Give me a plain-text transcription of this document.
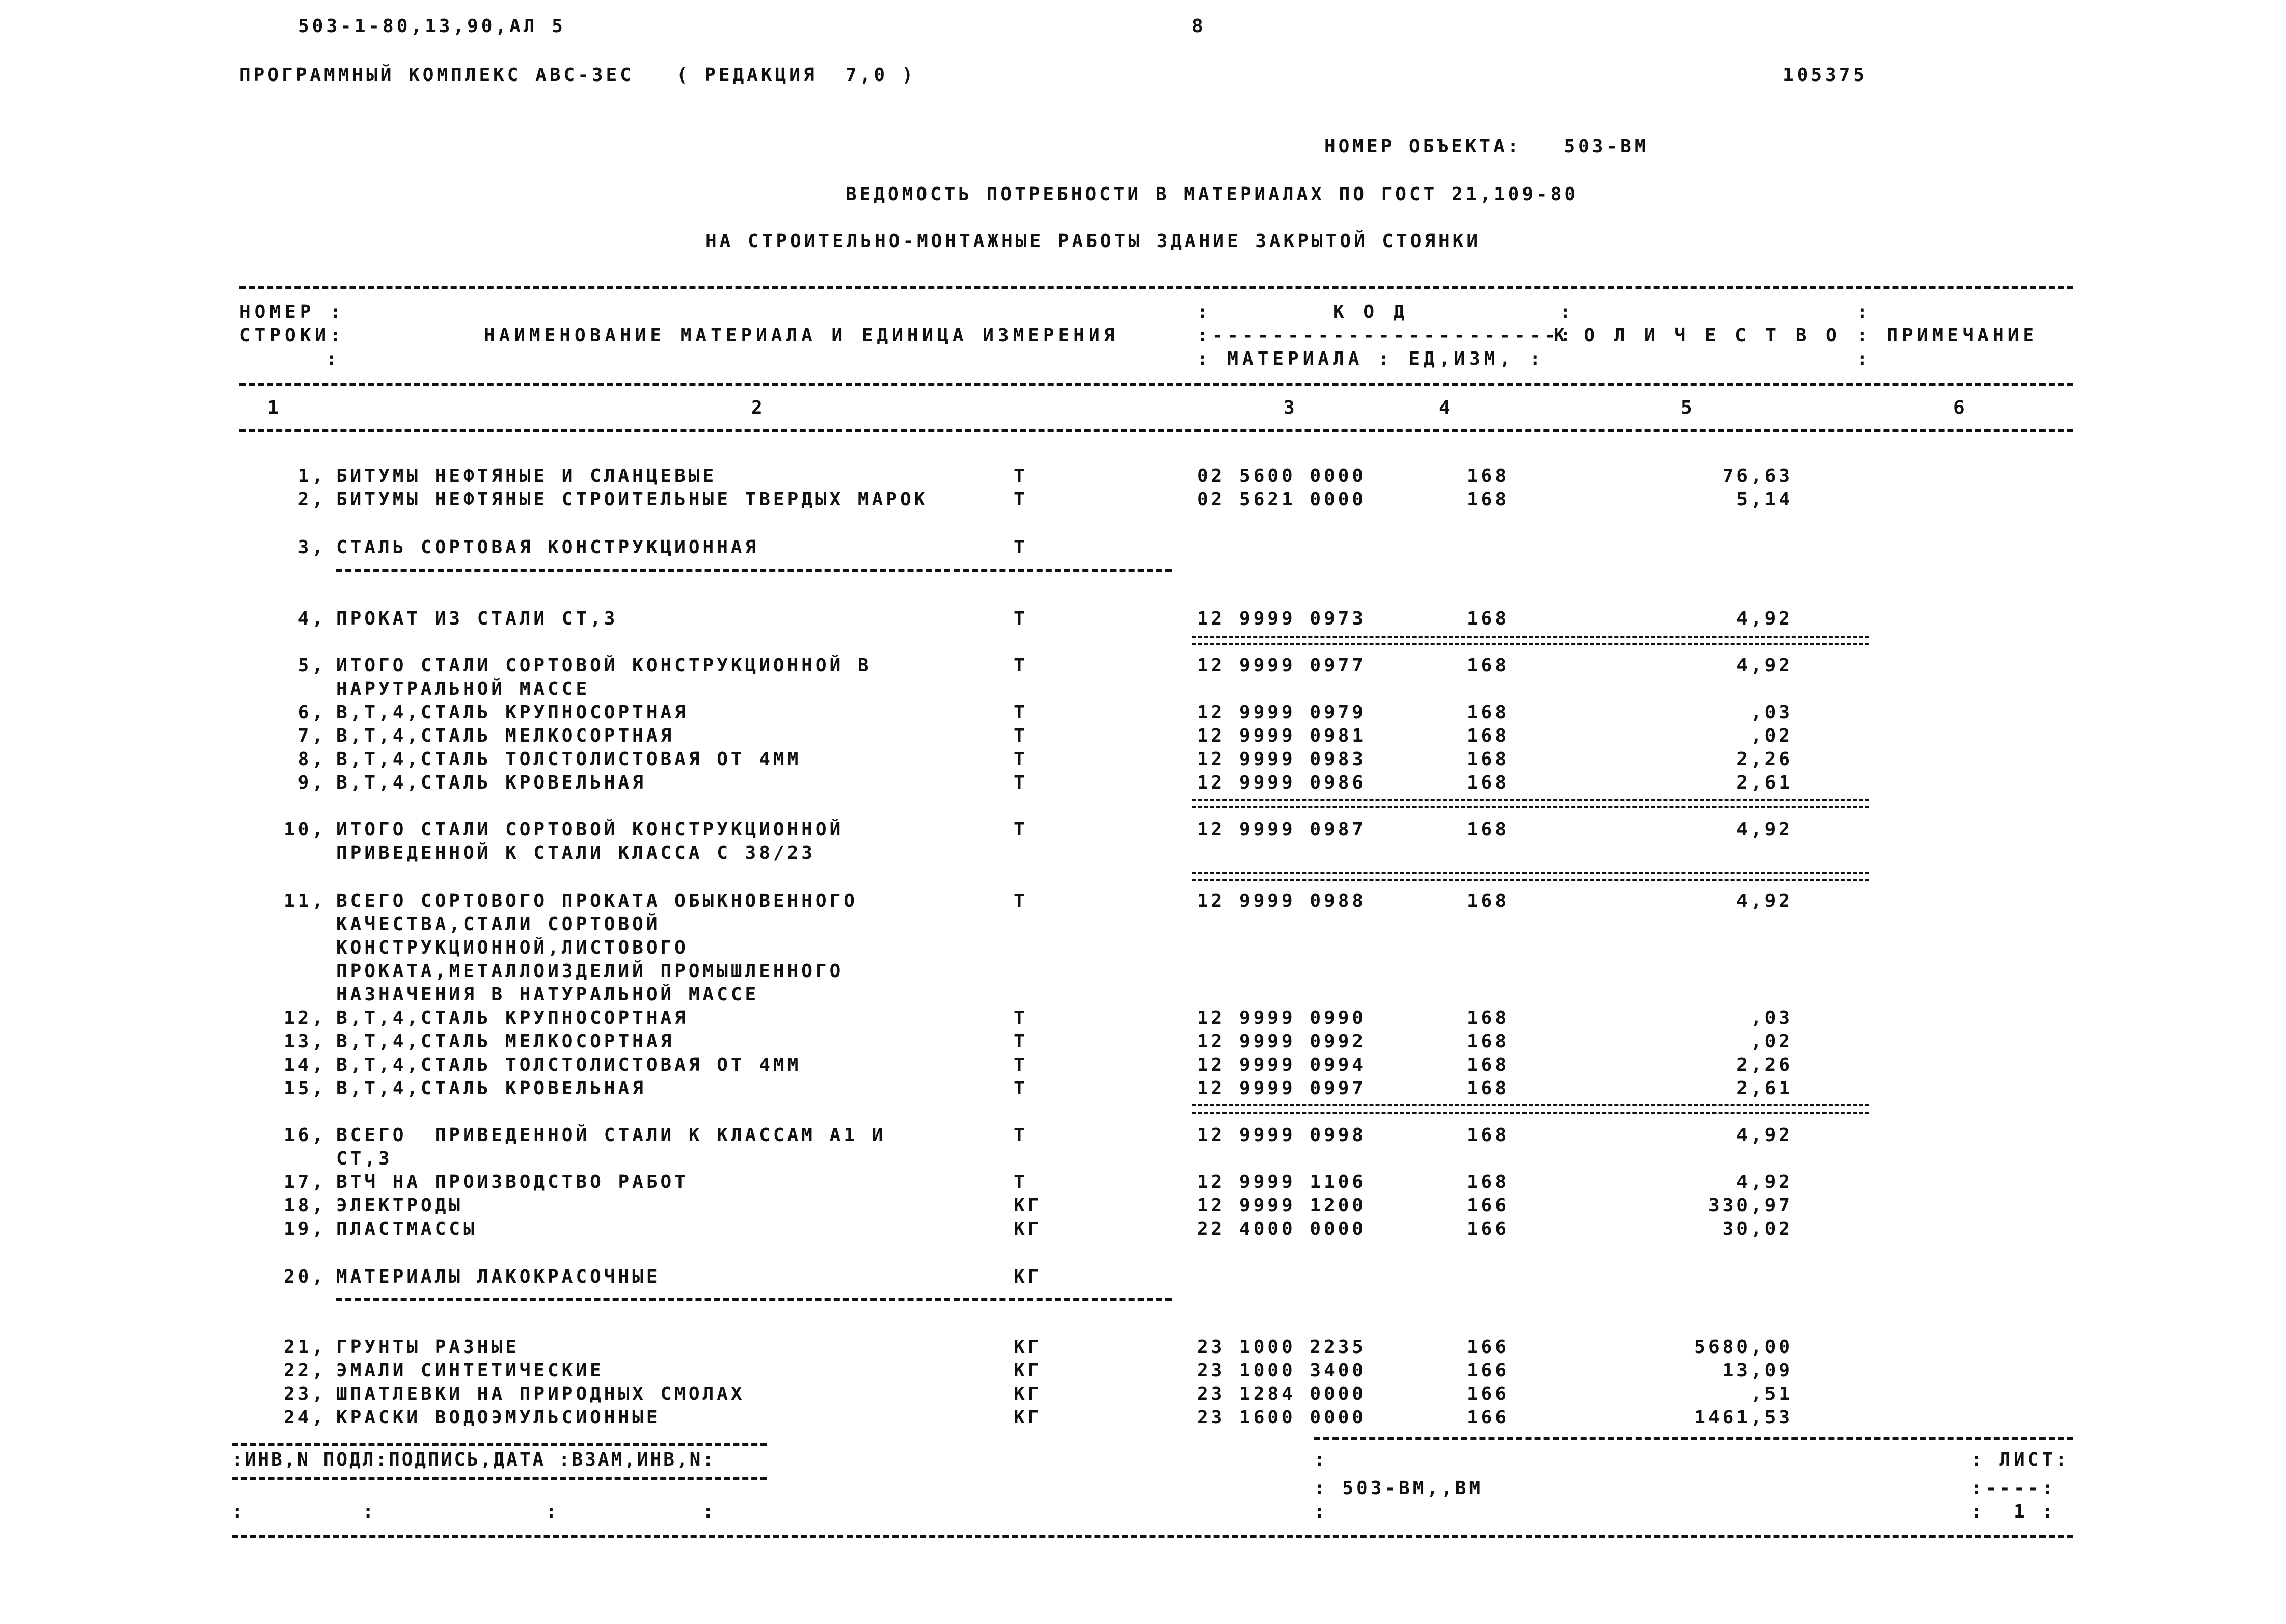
503-1-80,13,90,АЛ 5	8
ПРОГРАММНЫЙ КОМПЛЕКС АВС-ЗЕС   ( РЕДАКЦИЯ  7,0 )	105375
НОМЕР ОБЪЕКТА:   503-ВМ
ВЕДОМОСТЬ ПОТРЕБНОСТИ В МАТЕРИАЛАХ ПО ГОСТ 21,109-80
НА СТРОИТЕЛЬНО-МОНТАЖНЫЕ РАБОТЫ ЗДАНИЕ ЗАКРЫТОЙ СТОЯНКИ
НОМЕР :
СТРОКИ:
:
НАИМЕНОВАНИЕ МАТЕРИАЛА И ЕДИНИЦА ИЗМЕРЕНИЯ
:        К О Д          :
:-----------------------:
: МАТЕРИАЛА : ЕД,ИЗМ, :
К О Л И Ч Е С Т В О
:
: ПРИМЕЧАНИЕ
:
1	2	3	4	5	6
1, БИТУМЫ НЕФТЯНЫЕ И СЛАНЦЕВЫЕ	Т	02 5600 0000	168	76,63
2, БИТУМЫ НЕФТЯНЫЕ СТРОИТЕЛЬНЫЕ ТВЕРДЫХ МАРОК	Т	02 5621 0000	168	5,14
3, СТАЛЬ СОРТОВАЯ КОНСТРУКЦИОННАЯ	Т
4, ПРОКАТ ИЗ СТАЛИ СТ,3	Т	12 9999 0973	168	4,92
5, ИТОГО СТАЛИ СОРТОВОЙ КОНСТРУКЦИОННОЙ В	Т	12 9999 0977	168	4,92
НАРУТРАЛЬНОЙ МАССЕ
6, В,Т,4,СТАЛЬ КРУПНОСОРТНАЯ	Т	12 9999 0979	168	,03
7, В,Т,4,СТАЛЬ МЕЛКОСОРТНАЯ	Т	12 9999 0981	168	,02
8, В,Т,4,СТАЛЬ ТОЛСТОЛИСТОВАЯ ОТ 4ММ	Т	12 9999 0983	168	2,26
9, В,Т,4,СТАЛЬ КРОВЕЛЬНАЯ	Т	12 9999 0986	168	2,61
10, ИТОГО СТАЛИ СОРТОВОЙ КОНСТРУКЦИОННОЙ	Т	12 9999 0987	168	4,92
ПРИВЕДЕННОЙ К СТАЛИ КЛАССА С 38/23
11, ВСЕГО СОРТОВОГО ПРОКАТА ОБЫКНОВЕННОГО	Т	12 9999 0988	168	4,92
КАЧЕСТВА,СТАЛИ СОРТОВОЙ
КОНСТРУКЦИОННОЙ,ЛИСТОВОГО
ПРОКАТА,МЕТАЛЛОИЗДЕЛИЙ ПРОМЫШЛЕННОГО
НАЗНАЧЕНИЯ В НАТУРАЛЬНОЙ МАССЕ
12, В,Т,4,СТАЛЬ КРУПНОСОРТНАЯ	Т	12 9999 0990	168	,03
13, В,Т,4,СТАЛЬ МЕЛКОСОРТНАЯ	Т	12 9999 0992	168	,02
14, В,Т,4,СТАЛЬ ТОЛСТОЛИСТОВАЯ ОТ 4ММ	Т	12 9999 0994	168	2,26
15, В,Т,4,СТАЛЬ КРОВЕЛЬНАЯ	Т	12 9999 0997	168	2,61
16, ВСЕГО  ПРИВЕДЕННОЙ СТАЛИ К КЛАССАМ А1 И	Т	12 9999 0998	168	4,92
СТ,3
17, ВТЧ НА ПРОИЗВОДСТВО РАБОТ	Т	12 9999 1106	168	4,92
18, ЭЛЕКТРОДЫ	КГ	12 9999 1200	166	330,97
19, ПЛАСТМАССЫ	КГ	22 4000 0000	166	30,02
20, МАТЕРИАЛЫ ЛАКОКРАСОЧНЫЕ	КГ
21, ГРУНТЫ РАЗНЫЕ	КГ	23 1000 2235	166	5680,00
22, ЭМАЛИ СИНТЕТИЧЕСКИЕ	КГ	23 1000 3400	166	13,09
23, ШПАТЛЕВКИ НА ПРИРОДНЫХ СМОЛАХ	КГ	23 1284 0000	166	,51
24, КРАСКИ ВОДОЭМУЛЬСИОННЫЕ	КГ	23 1600 0000	166	1461,53
:ИНВ,N ПОДЛ:ПОДПИСЬ,ДАТА :ВЗАМ,ИНВ,N:	:	: ЛИСТ:
: 503-ВМ,,ВМ	:----:
:         :             :           :	:	:  1 :
